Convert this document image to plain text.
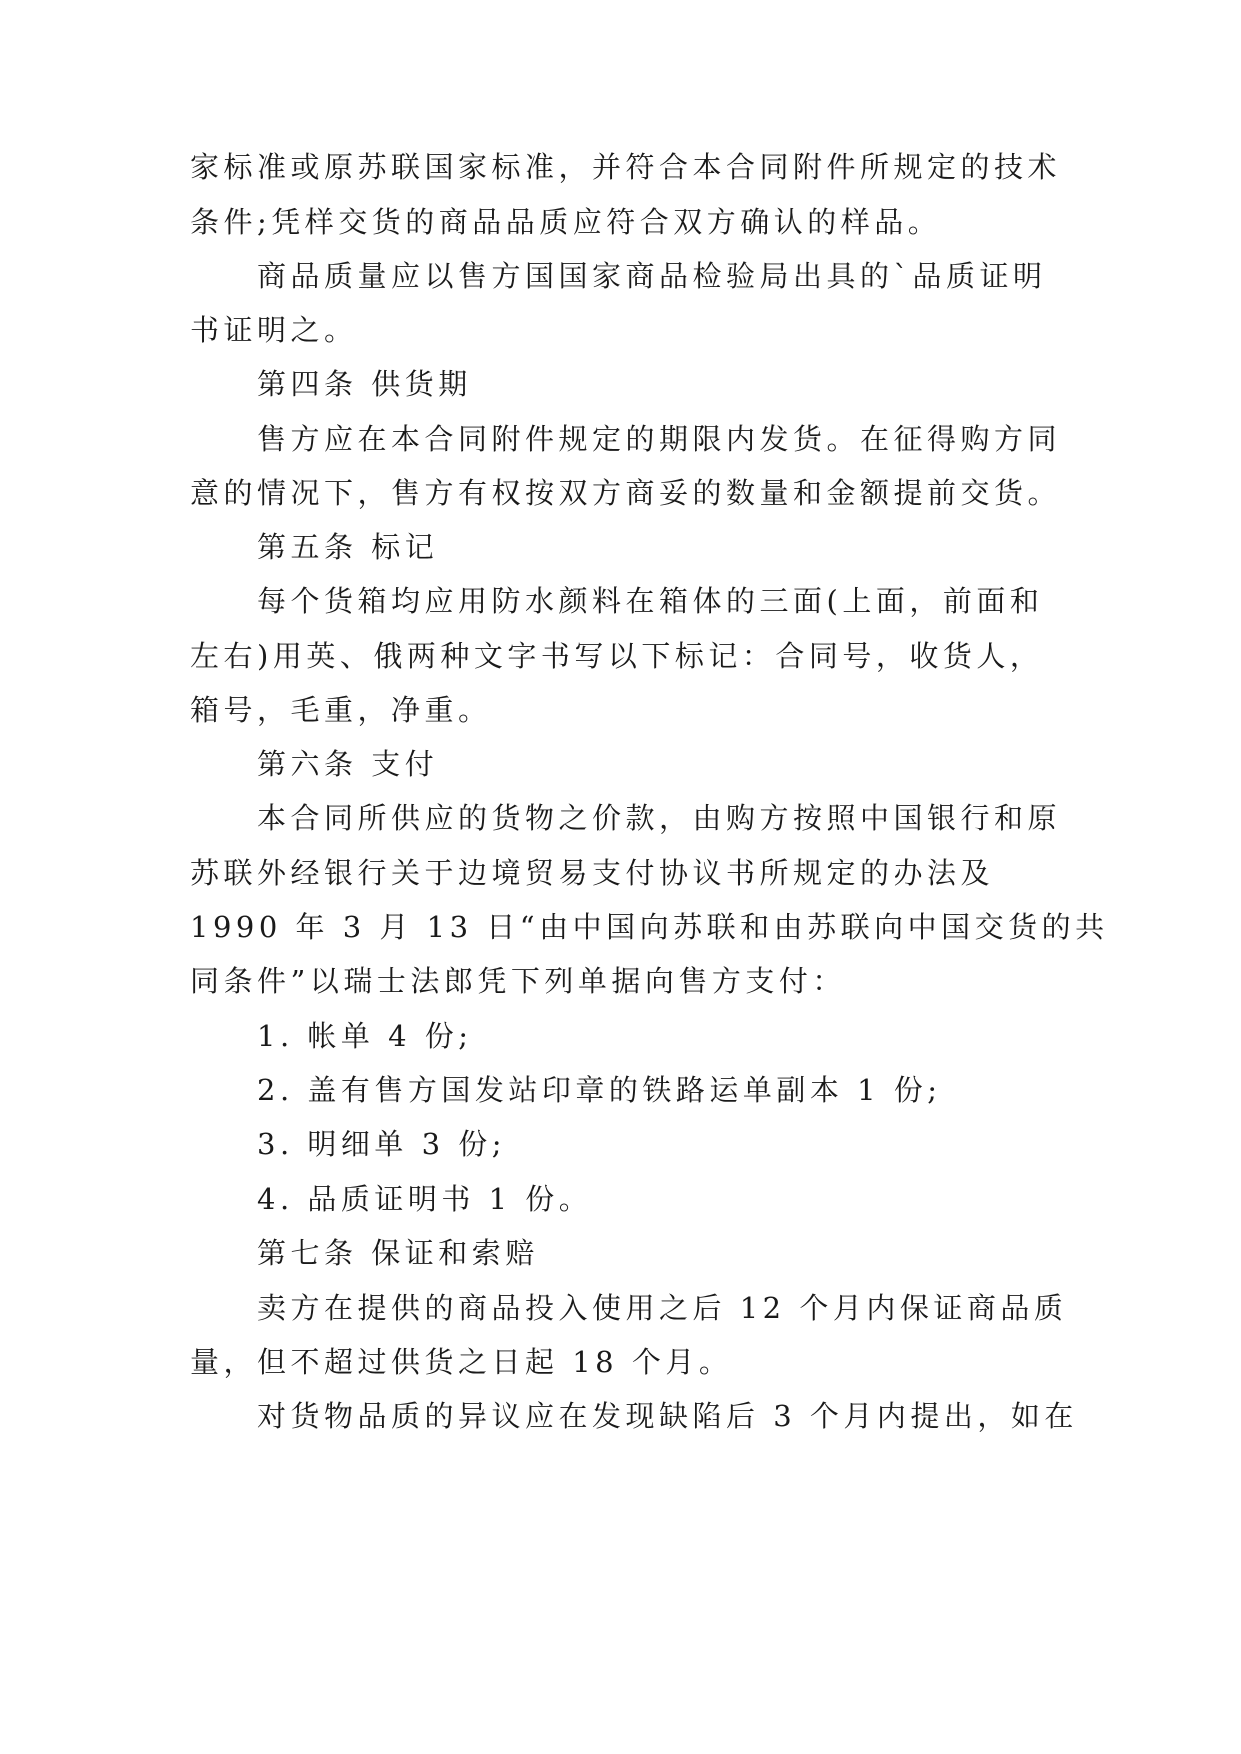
家标准或原苏联国家标准，并符合本合同附件所规定的技术
条件;凭样交货的商品品质应符合双方确认的样品。
商品质量应以售方国国家商品检验局出具的`品质证明
书证明之。
第四条 供货期
售方应在本合同附件规定的期限内发货。在征得购方同
意的情况下，售方有权按双方商妥的数量和金额提前交货。
第五条 标记
每个货箱均应用防水颜料在箱体的三面(上面，前面和
左右)用英、俄两种文字书写以下标记：合同号，收货人，
箱号，毛重，净重。
第六条 支付
本合同所供应的货物之价款，由购方按照中国银行和原
苏联外经银行关于边境贸易支付协议书所规定的办法及
1990 年 3 月 13 日“由中国向苏联和由苏联向中国交货的共
同条件”以瑞士法郎凭下列单据向售方支付：
1. 帐单 4 份;
2. 盖有售方国发站印章的铁路运单副本 1 份;
3. 明细单 3 份;
4. 品质证明书 1 份。
第七条 保证和索赔
卖方在提供的商品投入使用之后 12 个月内保证商品质
量，但不超过供货之日起 18 个月。
对货物品质的异议应在发现缺陷后 3 个月内提出，如在
